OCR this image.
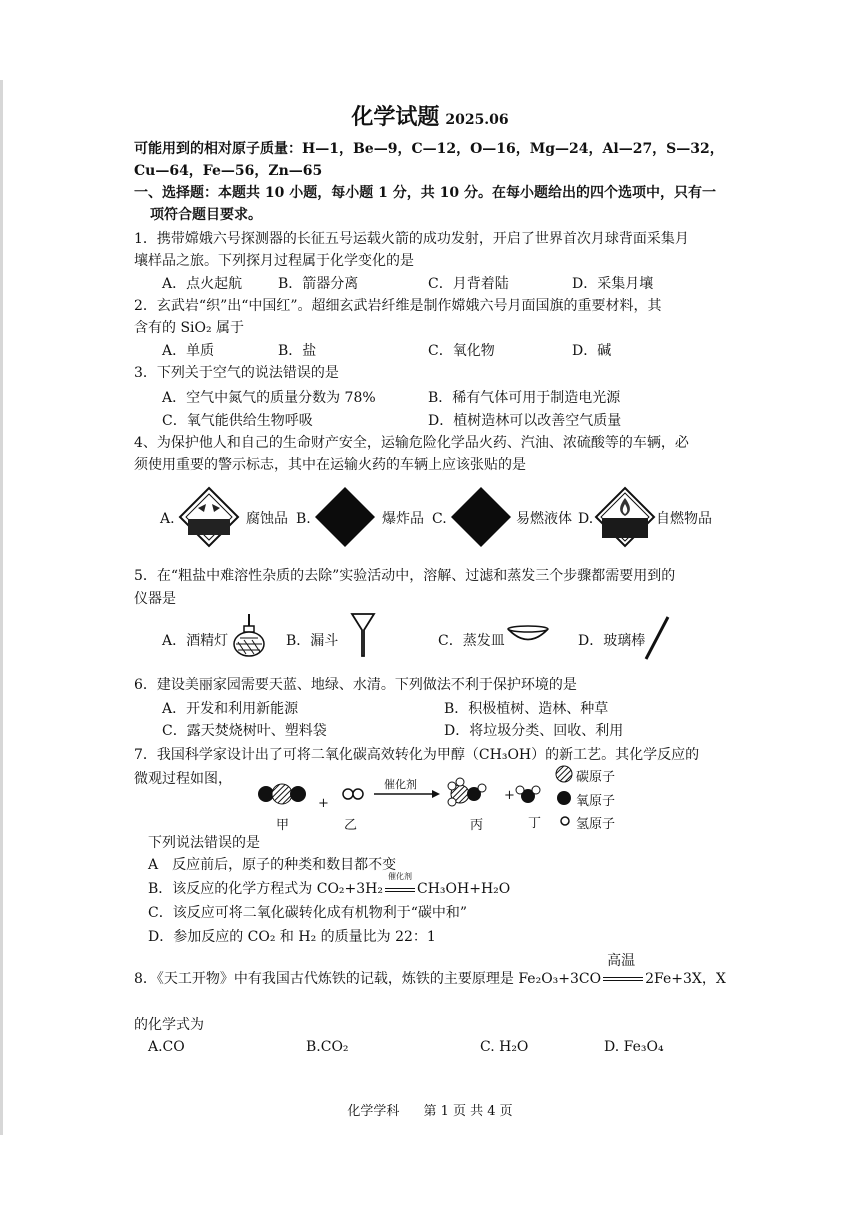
化学试题 2025.06
可能用到的相对原子质量：H—1，Be—9，C—12，O—16，Mg—24，Al—27，S—32，
Cu—64，Fe—56，Zn—65
一、选择题：本题共 10 小题，每小题 1 分，共 10 分。在每小题给出的四个选项中，只有一
项符合题目要求。
1．携带嫦娥六号探测器的长征五号运载火箭的成功发射，开启了世界首次月球背面采集月
壤样品之旅。下列探月过程属于化学变化的是
A．点火起航	B．箭器分离	C．月背着陆	D．采集月壤
2．玄武岩“织”出“中国红”。超细玄武岩纤维是制作嫦娥六号月面国旗的重要材料，其
含有的 SiO₂ 属于
A．单质	B．盐	C．氧化物	D．碱
3．下列关于空气的说法错误的是
A．空气中氮气的质量分数为 78%	B．稀有气体可用于制造电光源
C．氧气能供给生物呼吸	D．植树造林可以改善空气质量
4、为保护他人和自己的生命财产安全，运输危险化学品火药、汽油、浓硫酸等的车辆，必
须使用重要的警示标志，其中在运输火药的车辆上应该张贴的是
A.	腐蚀品 B.	爆炸品 C.	易燃液体 D.	自燃物品
5．在“粗盐中难溶性杂质的去除”实验活动中，溶解、过滤和蒸发三个步骤都需要用到的
仪器是
A．酒精灯	B．漏斗	C．蒸发皿	D．玻璃棒
6．建设美丽家园需要天蓝、地绿、水清。下列做法不利于保护环境的是
A．开发和利用新能源	B．积极植树、造林、种草
C．露天焚烧树叶、塑料袋	D．将垃圾分类、回收、利用
7．我国科学家设计出了可将二氧化碳高效转化为甲醇（CH₃OH）的新工艺。其化学反应的
微观过程如图，
+
催化剂
+
甲	乙	丙	丁
碳原子
氧原子
氢原子
下列说法错误的是
A　反应前后，原子的种类和数目都不变
B．该反应的化学方程式为 CO₂+3H₂
催化剂
CH₃OH+H₂O
C．该反应可将二氧化碳转化成有机物利于“碳中和”
D．参加反应的 CO₂ 和 H₂ 的质量比为 22：1
8．《天工开物》中有我国古代炼铁的记载，炼铁的主要原理是 Fe₂O₃+3CO
高温
2Fe+3X，X
的化学式为
A.CO	B.CO₂	C. H₂O	D. Fe₃O₄
化学学科 第 1 页 共 4 页
